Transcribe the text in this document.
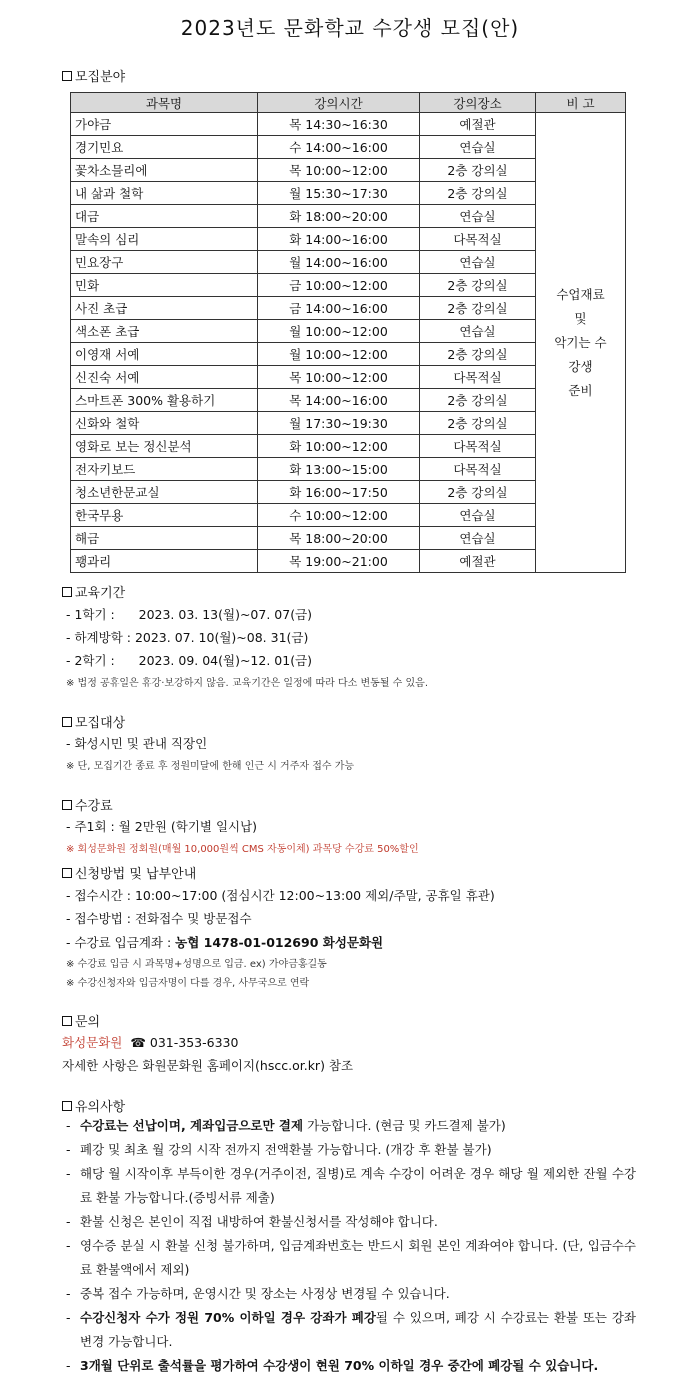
2023년도 문화학교 수강생 모집(안)
모집분야
과목명	강의시간	강의장소	비 고
가야금	목 14:30~16:30	예절관	수업재료 및
악기는 수강생
준비

경기민요	수 14:00~16:00	연습실	
꽃차소믈리에	목 10:00~12:00	2층 강의실	
내 삶과 철학	월 15:30~17:30	2층 강의실	
대금	화 18:00~20:00	연습실	
말속의 심리	화 14:00~16:00	다목적실	
민요장구	월 14:00~16:00	연습실	
민화	금 10:00~12:00	2층 강의실	
사진 초급	금 14:00~16:00	2층 강의실	
색소폰 초급	월 10:00~12:00	연습실	
이영재 서예	월 10:00~12:00	2층 강의실	
신진숙 서예	목 10:00~12:00	다목적실	
스마트폰 300% 활용하기	목 14:00~16:00	2층 강의실	
신화와 철학	월 17:30~19:30	2층 강의실	
영화로 보는 정신분석	화 10:00~12:00	다목적실	
전자키보드	화 13:00~15:00	다목적실	
청소년한문교실	화 16:00~17:50	2층 강의실	
한국무용	수 10:00~12:00	연습실	
해금	목 18:00~20:00	연습실	
꽹과리	목 19:00~21:00	예절관	
교육기간
- 1학기 :      2023. 03. 13(월)~07. 07(금)
- 하계방학 : 2023. 07. 10(월)~08. 31(금)
- 2학기 :      2023. 09. 04(월)~12. 01(금)
※ 법정 공휴일은 휴강·보강하지 않음. 교육기간은 일정에 따라 다소 변동될 수 있음.
모집대상
- 화성시민 및 관내 직장인
※ 단, 모집기간 종료 후 정원미달에 한해 인근 시 거주자 접수 가능
수강료
- 주1회 : 월 2만원 (학기별 일시납)
※ 회성문화원 정회원(매월 10,000원씩 CMS 자동이체) 과목당 수강료 50%할인
신청방법 및 납부안내
- 접수시간 : 10:00~17:00 (점심시간 12:00~13:00 제외/주말, 공휴일 휴관)
- 접수방법 : 전화접수 및 방문접수
- 수강료 입금계좌 : 농협 1478-01-012690 화성문화원
※ 수강료 입금 시 과목명+성명으로 입금. ex) 가야금홍길동
※ 수강신청자와 입금자명이 다를 경우, 사무국으로 연락
문의
화성문화원 ☎ 031-353-6330
자세한 사항은 화원문화원 홈페이지(hscc.or.kr) 참조
유의사항
- 수강료는 선납이며, 계좌입금으로만 결제 가능합니다. (현금 및 카드결제 불가)
- 폐강 및 최초 월 강의 시작 전까지 전액환불 가능합니다. (개강 후 환불 불가)
- 해당 월 시작이후 부득이한 경우(거주이전, 질병)로 계속 수강이 어려운 경우 해당 월 제외한 잔월 수강료 환불 가능합니다.(증빙서류 제출)
- 환불 신청은 본인이 직접 내방하여 환불신청서를 작성해야 합니다.
- 영수증 분실 시 환불 신청 불가하며, 입금계좌번호는 반드시 회원 본인 계좌여야 합니다. (단, 입금수수료 환불액에서 제외)
- 중복 접수 가능하며, 운영시간 및 장소는 사정상 변경될 수 있습니다.
- 수강신청자 수가 정원 70% 이하일 경우 강좌가 폐강될 수 있으며, 폐강 시 수강료는 환불 또는 강좌 변경 가능합니다.
- 3개월 단위로 출석률을 평가하여 수강생이 현원 70% 이하일 경우 중간에 폐강될 수 있습니다.
